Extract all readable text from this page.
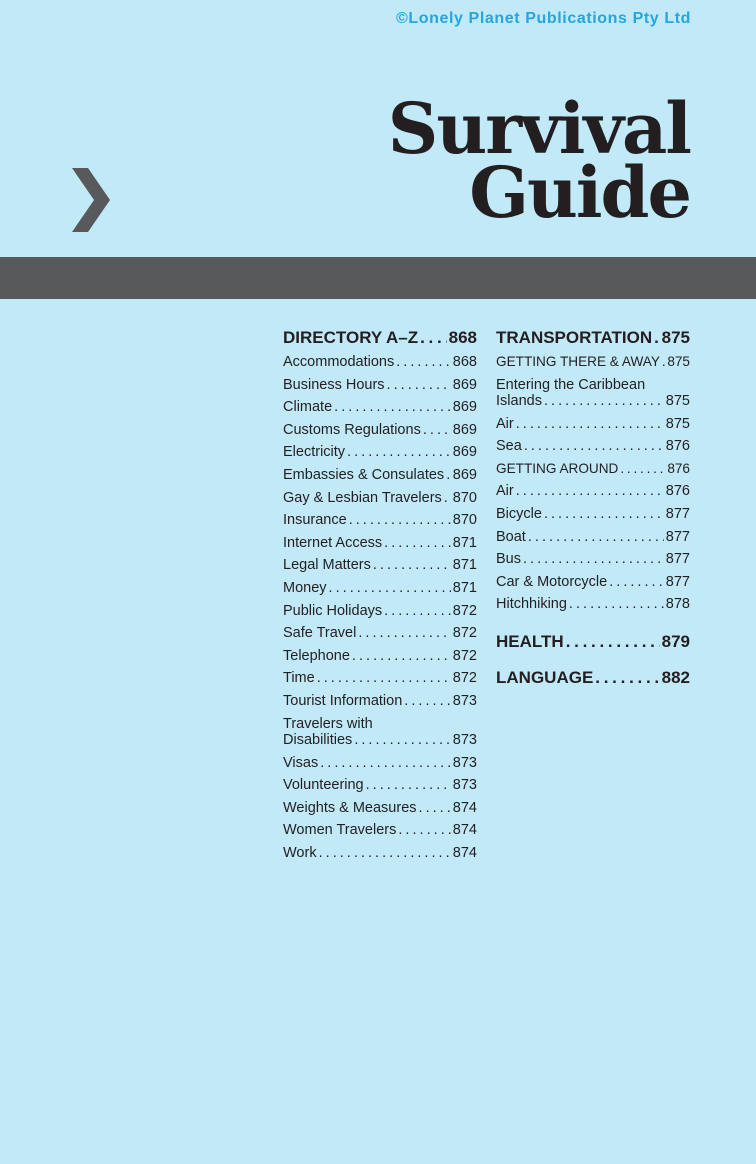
©Lonely Planet Publications Pty Ltd
Survival
Guide
DIRECTORY A–Z . . . 868
Accommodations . . .	868
Business Hours . . .	869
Climate . . .	869
Customs Regulations . . . 869
Electricity . . .	869
Embassies & Consulates . . . 869
Gay & Lesbian Travelers . . . 870
Insurance . . .	870
Internet Access . . .	871
Legal Matters . . .	871
Money . . .	871
Public Holidays . . .	872
Safe Travel . . .	872
Telephone . . .	872
Time . . .	872
Tourist Information . . .	873
Travelers with
Disabilities . . .	873
Visas . . .	873
Volunteering . . .	873
Weights & Measures . . .	874
Women Travelers . . .	874
Work . . .	874
TRANSPORTATION . . . 875
GETTING THERE & AWAY . . . 875
Entering the Caribbean
Islands . . .	875
Air . . .	875
Sea . . .	876
GETTING AROUND . . .	876
Air . . .	876
Bicycle . . .	877
Boat . . .	877
Bus . . .	877
Car & Motorcycle . . .	877
Hitchhiking . . .	878
HEALTH . . .	879
LANGUAGE . . .	882
